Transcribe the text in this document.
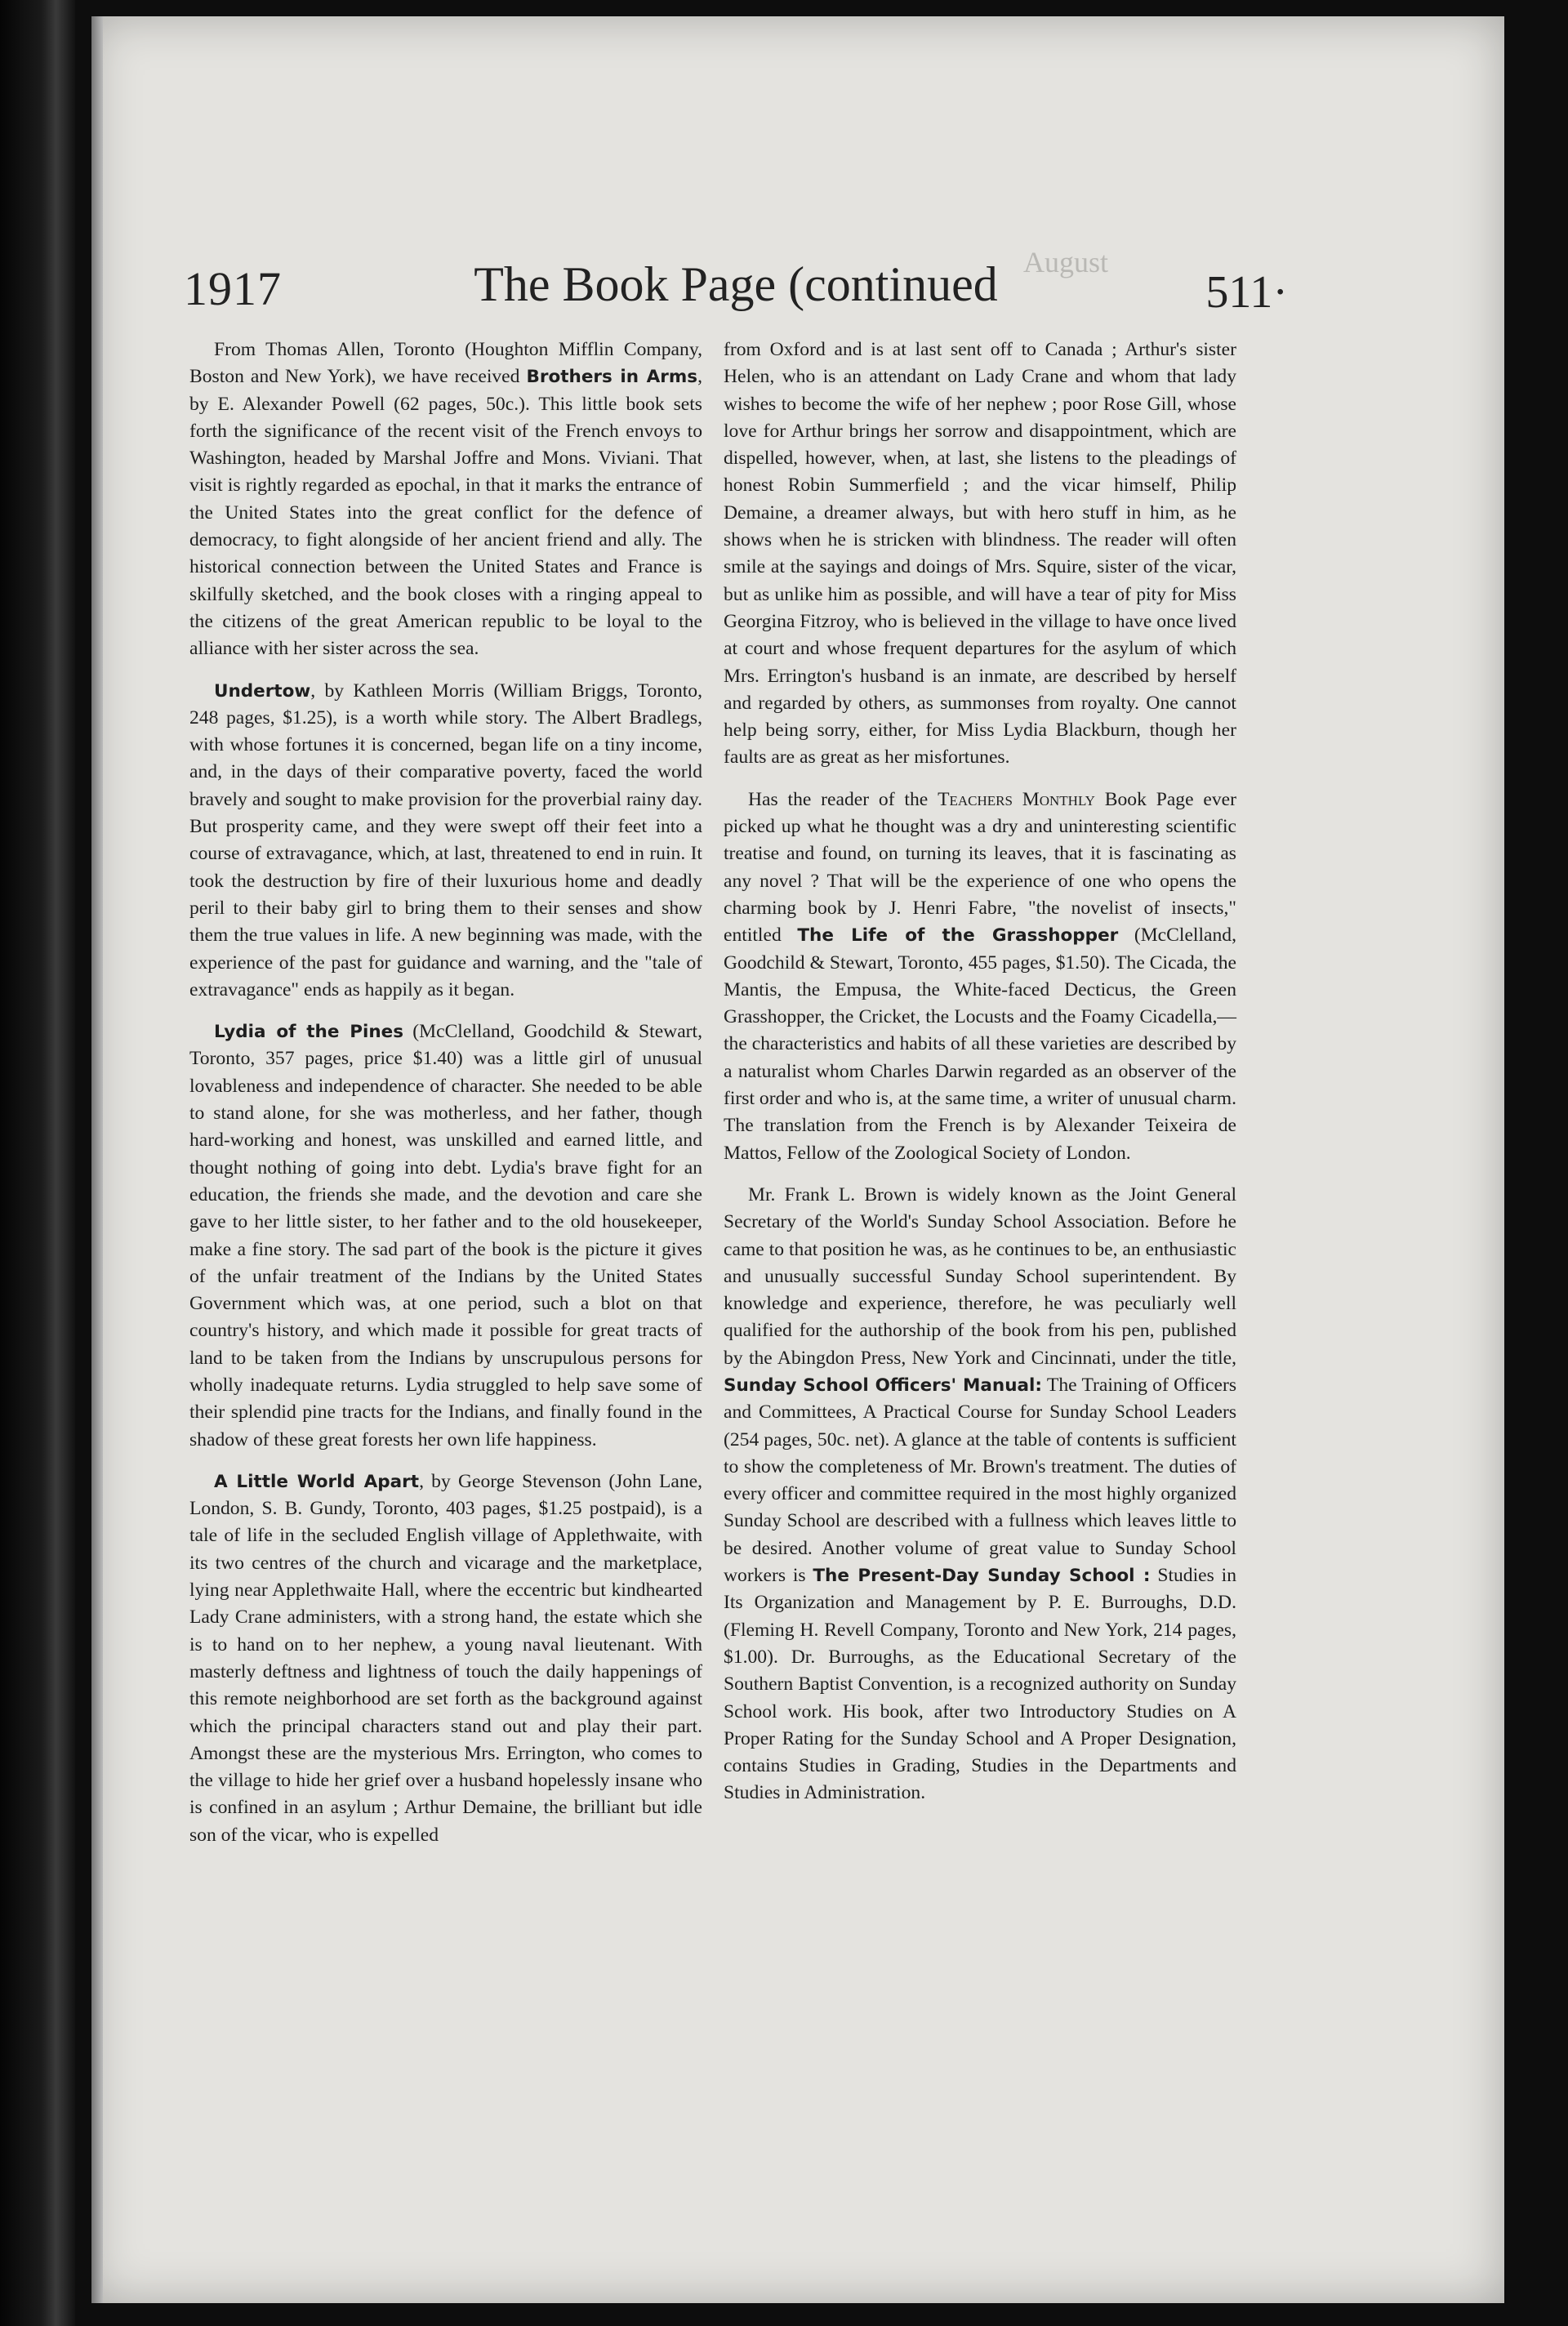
August
1917	The Book Page (continued	511·

From Thomas Allen, Toronto (Houghton Mifflin Company, Boston and New York), we have received Brothers in Arms, by E. Alexander Powell (62 pages, 50c.). This little book sets forth the significance of the recent visit of the French envoys to Washington, headed by Marshal Joffre and Mons. Viviani. That visit is rightly regarded as epochal, in that it marks the entrance of the United States into the great conflict for the defence of democracy, to fight alongside of her ancient friend and ally. The historical connection between the United States and France is skilfully sketched, and the book closes with a ringing appeal to the citizens of the great American republic to be loyal to the alliance with her sister across the sea.

Undertow, by Kathleen Morris (William Briggs, Toronto, 248 pages, $1.25), is a worth while story. The Albert Bradlegs, with whose fortunes it is concerned, began life on a tiny income, and, in the days of their comparative poverty, faced the world bravely and sought to make provision for the proverbial rainy day. But prosperity came, and they were swept off their feet into a course of extravagance, which, at last, threatened to end in ruin. It took the destruction by fire of their luxurious home and deadly peril to their baby girl to bring them to their senses and show them the true values in life. A new beginning was made, with the experience of the past for guidance and warning, and the "tale of extravagance" ends as happily as it began.

Lydia of the Pines (McClelland, Goodchild & Stewart, Toronto, 357 pages, price $1.40) was a little girl of unusual lovableness and independence of character. She needed to be able to stand alone, for she was motherless, and her father, though hard-working and honest, was unskilled and earned little, and thought nothing of going into debt. Lydia's brave fight for an education, the friends she made, and the devotion and care she gave to her little sister, to her father and to the old housekeeper, make a fine story. The sad part of the book is the picture it gives of the unfair treatment of the Indians by the United States Government which was, at one period, such a blot on that country's history, and which made it possible for great tracts of land to be taken from the Indians by unscrupulous persons for wholly inadequate returns. Lydia struggled to help save some of their splendid pine tracts for the Indians, and finally found in the shadow of these great forests her own life happiness.

A Little World Apart, by George Stevenson (John Lane, London, S. B. Gundy, Toronto, 403 pages, $1.25 postpaid), is a tale of life in the secluded English village of Applethwaite, with its two centres of the church and vicarage and the marketplace, lying near Applethwaite Hall, where the eccentric but kindhearted Lady Crane administers, with a strong hand, the estate which she is to hand on to her nephew, a young naval lieutenant. With masterly deftness and lightness of touch the daily happenings of this remote neighborhood are set forth as the background against which the principal characters stand out and play their part. Amongst these are the mysterious Mrs. Errington, who comes to the village to hide her grief over a husband hopelessly insane who is confined in an asylum ; Arthur Demaine, the brilliant but idle son of the vicar, who is expelled

from Oxford and is at last sent off to Canada ; Arthur's sister Helen, who is an attendant on Lady Crane and whom that lady wishes to become the wife of her nephew ; poor Rose Gill, whose love for Arthur brings her sorrow and disappointment, which are dispelled, however, when, at last, she listens to the pleadings of honest Robin Summerfield ; and the vicar himself, Philip Demaine, a dreamer always, but with hero stuff in him, as he shows when he is stricken with blindness. The reader will often smile at the sayings and doings of Mrs. Squire, sister of the vicar, but as unlike him as possible, and will have a tear of pity for Miss Georgina Fitzroy, who is believed in the village to have once lived at court and whose frequent departures for the asylum of which Mrs. Errington's husband is an inmate, are described by herself and regarded by others, as summonses from royalty. One cannot help being sorry, either, for Miss Lydia Blackburn, though her faults are as great as her misfortunes.

Has the reader of the Teachers Monthly Book Page ever picked up what he thought was a dry and uninteresting scientific treatise and found, on turning its leaves, that it is fascinating as any novel ? That will be the experience of one who opens the charming book by J. Henri Fabre, "the novelist of insects," entitled The Life of the Grasshopper (McClelland, Goodchild & Stewart, Toronto, 455 pages, $1.50). The Cicada, the Mantis, the Empusa, the White-faced Decticus, the Green Grasshopper, the Cricket, the Locusts and the Foamy Cicadella,—the characteristics and habits of all these varieties are described by a naturalist whom Charles Darwin regarded as an observer of the first order and who is, at the same time, a writer of unusual charm. The translation from the French is by Alexander Teixeira de Mattos, Fellow of the Zoological Society of London.

Mr. Frank L. Brown is widely known as the Joint General Secretary of the World's Sunday School Association. Before he came to that position he was, as he continues to be, an enthusiastic and unusually successful Sunday School superintendent. By knowledge and experience, therefore, he was peculiarly well qualified for the authorship of the book from his pen, published by the Abingdon Press, New York and Cincinnati, under the title, Sunday School Officers' Manual: The Training of Officers and Committees, A Practical Course for Sunday School Leaders (254 pages, 50c. net). A glance at the table of contents is sufficient to show the completeness of Mr. Brown's treatment. The duties of every officer and committee required in the most highly organized Sunday School are described with a fullness which leaves little to be desired. Another volume of great value to Sunday School workers is The Present-Day Sunday School : Studies in Its Organization and Management by P. E. Burroughs, D.D. (Fleming H. Revell Company, Toronto and New York, 214 pages, $1.00). Dr. Burroughs, as the Educational Secretary of the Southern Baptist Convention, is a recognized authority on Sunday School work. His book, after two Introductory Studies on A Proper Rating for the Sunday School and A Proper Designation, contains Studies in Grading, Studies in the Departments and Studies in Administration.
